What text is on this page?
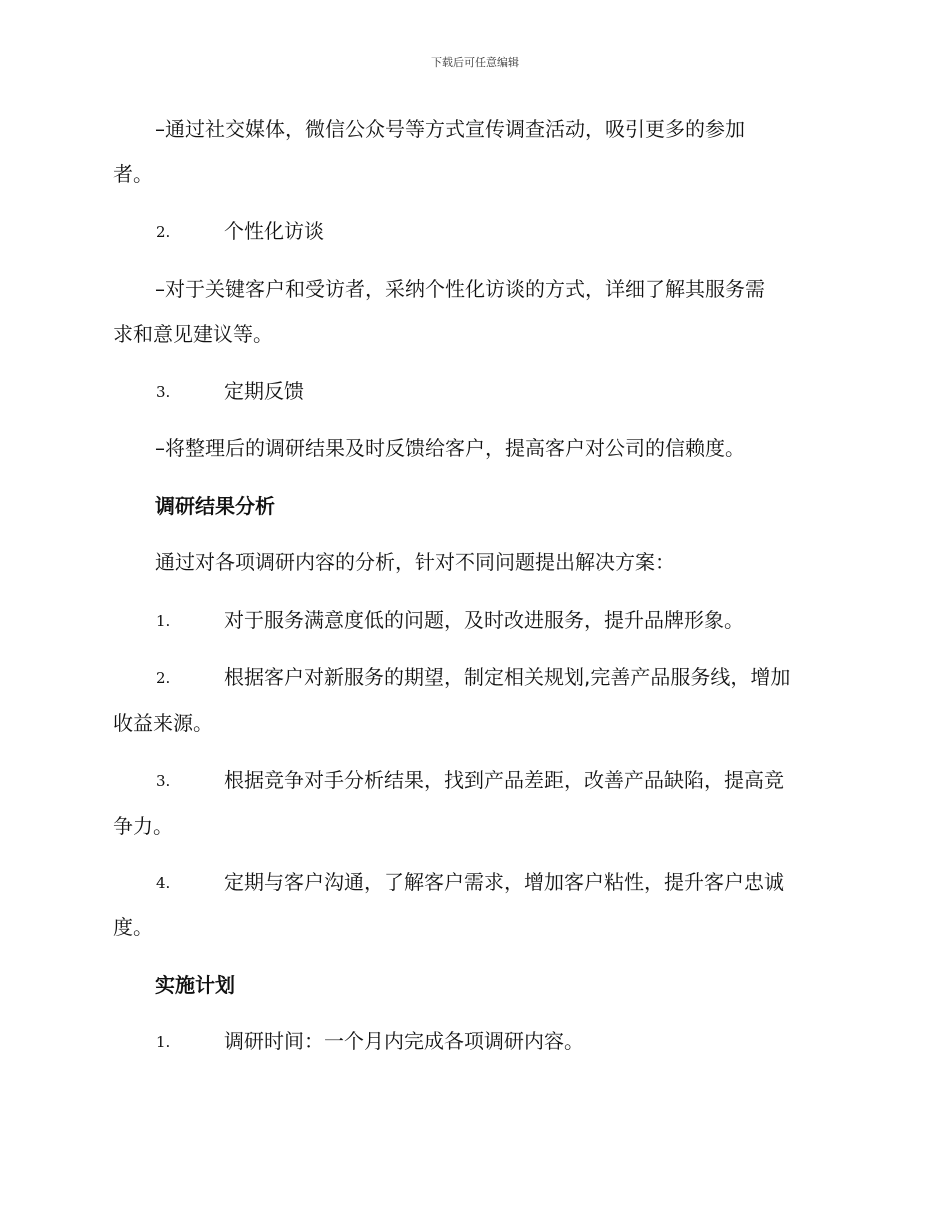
下载后可任意编辑
–通过社交媒体，微信公众号等方式宣传调查活动，吸引更多的参加
者。
2.	个性化访谈
–对于关键客户和受访者，采纳个性化访谈的方式，详细了解其服务需
求和意见建议等。
3.	定期反馈
–将整理后的调研结果及时反馈给客户，提高客户对公司的信赖度。
调研结果分析
通过对各项调研内容的分析，针对不同问题提出解决方案：
1.	对于服务满意度低的问题，及时改进服务，提升品牌形象。
2.	根据客户对新服务的期望，制定相关规划,完善产品服务线，增加
收益来源。
3.	根据竞争对手分析结果，找到产品差距，改善产品缺陷，提高竞
争力。
4.	定期与客户沟通，了解客户需求，增加客户粘性，提升客户忠诚
度。
实施计划
1.	调研时间：一个月内完成各项调研内容。
